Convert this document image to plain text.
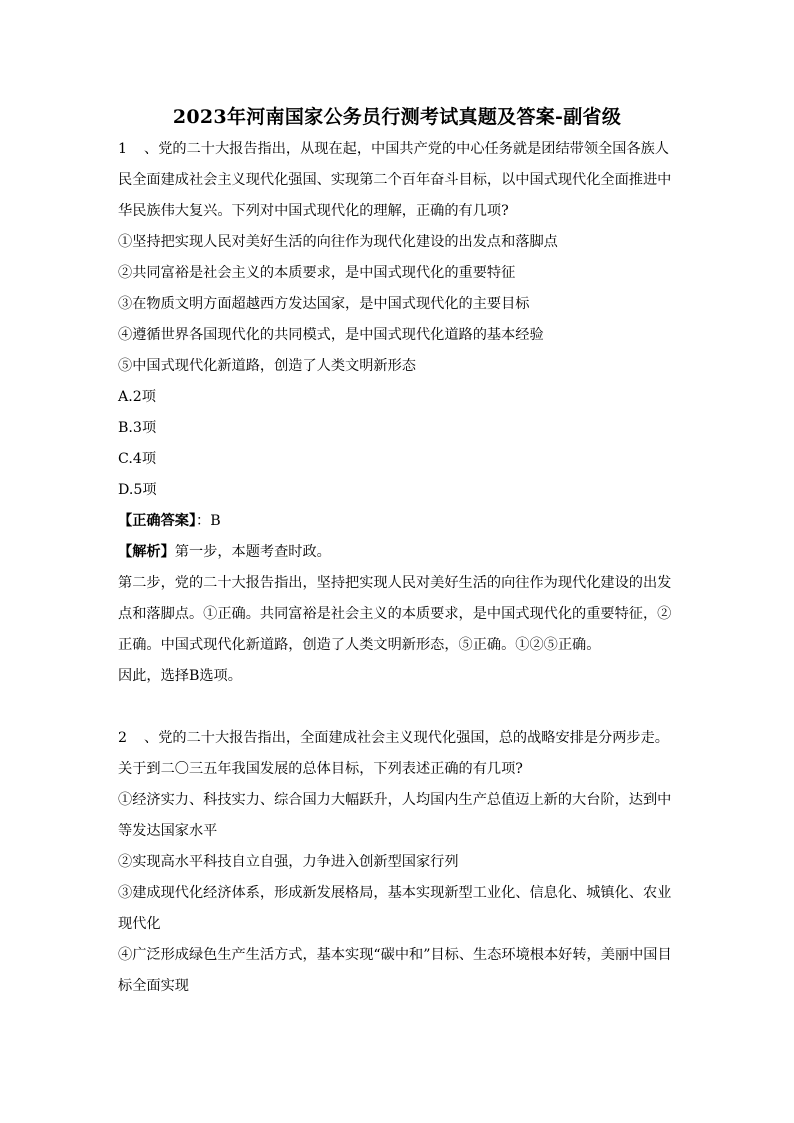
2023年河南国家公务员行测考试真题及答案-副省级

1 、党的二十大报告指出，从现在起，中国共产党的中心任务就是团结带领全国各族人民全面建成社会主义现代化强国、实现第二个百年奋斗目标，以中国式现代化全面推进中华民族伟大复兴。下列对中国式现代化的理解，正确的有几项?

①坚持把实现人民对美好生活的向往作为现代化建设的出发点和落脚点

②共同富裕是社会主义的本质要求，是中国式现代化的重要特征

③在物质文明方面超越西方发达国家，是中国式现代化的主要目标

④遵循世界各国现代化的共同模式，是中国式现代化道路的基本经验

⑤中国式现代化新道路，创造了人类文明新形态

A.2项

B.3项

C.4项

D.5项

【正确答案】：B

【解析】第一步，本题考查时政。

第二步，党的二十大报告指出，坚持把实现人民对美好生活的向往作为现代化建设的出发点和落脚点。①正确。共同富裕是社会主义的本质要求，是中国式现代化的重要特征，②正确。中国式现代化新道路，创造了人类文明新形态，⑤正确。①②⑤正确。

因此，选择B选项。

2 、党的二十大报告指出，全面建成社会主义现代化强国，总的战略安排是分两步走。关于到二〇三五年我国发展的总体目标，下列表述正确的有几项?

①经济实力、科技实力、综合国力大幅跃升，人均国内生产总值迈上新的大台阶，达到中等发达国家水平

②实现高水平科技自立自强，力争进入创新型国家行列

③建成现代化经济体系，形成新发展格局，基本实现新型工业化、信息化、城镇化、农业现代化

④广泛形成绿色生产生活方式，基本实现“碳中和”目标、生态环境根本好转，美丽中国目标全面实现
